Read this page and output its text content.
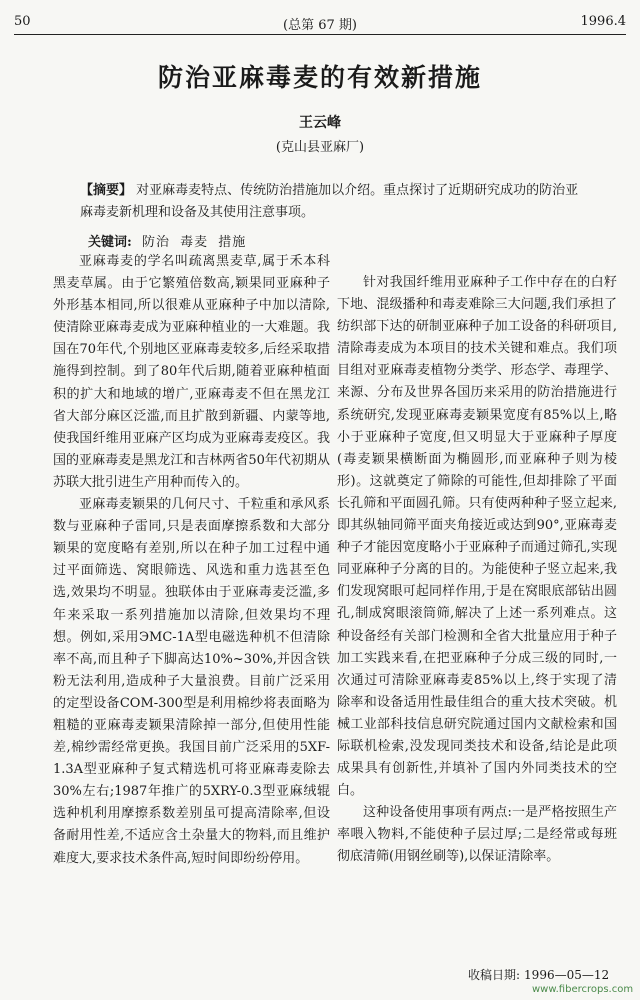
50	(总第 67 期)	1996.4
防治亚麻毒麦的有效新措施
王云峰
(克山县亚麻厂)
【摘要】 对亚麻毒麦特点、传统防治措施加以介绍。重点探讨了近期研究成功的防治亚麻毒麦新机理和设备及其使用注意事项。
关键词: 防治 毒麦 措施

亚麻毒麦的学名叫疏离黑麦草,属于禾本科黑麦草属。由于它繁殖倍数高,颖果同亚麻种子外形基本相同,所以很难从亚麻种子中加以清除,使清除亚麻毒麦成为亚麻种植业的一大难题。我国在70年代,个别地区亚麻毒麦较多,后经采取措施得到控制。到了80年代后期,随着亚麻种植面积的扩大和地域的增广,亚麻毒麦不但在黑龙江省大部分麻区泛滥,而且扩散到新疆、内蒙等地,使我国纤维用亚麻产区均成为亚麻毒麦疫区。我国的亚麻毒麦是黑龙江和吉林两省50年代初期从苏联大批引进生产用种而传入的。

亚麻毒麦颖果的几何尺寸、千粒重和承风系数与亚麻种子雷同,只是表面摩擦系数和大部分颖果的宽度略有差别,所以在种子加工过程中通过平面筛选、窝眼筛选、风选和重力选甚至色选,效果均不明显。独联体由于亚麻毒麦泛滥,多年来采取一系列措施加以清除,但效果均不理想。例如,采用ЭМС-1A型电磁选种机不但清除率不高,而且种子下脚高达10%~30%,并因含铁粉无法利用,造成种子大量浪费。目前广泛采用的定型设备COM-300型是利用棉纱将表面略为粗糙的亚麻毒麦颖果清除掉一部分,但使用性能差,棉纱需经常更换。我国目前广泛采用的5XF-1.3A型亚麻种子复式精选机可将亚麻毒麦除去30%左右;1987年推广的5XRY-0.3型亚麻绒辊选种机利用摩擦系数差别虽可提高清除率,但设备耐用性差,不适应含土杂量大的物料,而且维护难度大,要求技术条件高,短时间即纷纷停用。

针对我国纤维用亚麻种子工作中存在的白籽下地、混级播种和毒麦难除三大问题,我们承担了纺织部下达的研制亚麻种子加工设备的科研项目,清除毒麦成为本项目的技术关键和难点。我们项目组对亚麻毒麦植物分类学、形态学、毒理学、来源、分布及世界各国历来采用的防治措施进行系统研究,发现亚麻毒麦颖果宽度有85%以上,略小于亚麻种子宽度,但又明显大于亚麻种子厚度(毒麦颖果横断面为椭圆形,而亚麻种子则为棱形)。这就奠定了筛除的可能性,但却排除了平面长孔筛和平面圆孔筛。只有使两种种子竖立起来,即其纵轴同筛平面夹角接近或达到90°,亚麻毒麦种子才能因宽度略小于亚麻种子而通过筛孔,实现同亚麻种子分离的目的。为能使种子竖立起来,我们发现窝眼可起同样作用,于是在窝眼底部钻出圆孔,制成窝眼滚筒筛,解决了上述一系列难点。这种设备经有关部门检测和全省大批量应用于种子加工实践来看,在把亚麻种子分成三级的同时,一次通过可清除亚麻毒麦85%以上,终于实现了清除率和设备适用性最佳组合的重大技术突破。机械工业部科技信息研究院通过国内文献检索和国际联机检索,没发现同类技术和设备,结论是此项成果具有创新性,并填补了国内外同类技术的空白。

这种设备使用事项有两点:一是严格按照生产率喂入物料,不能使种子层过厚;二是经常或每班彻底清筛(用钢丝刷等),以保证清除率。

收稿日期: 1996—05—12
www.fibercrops.com
